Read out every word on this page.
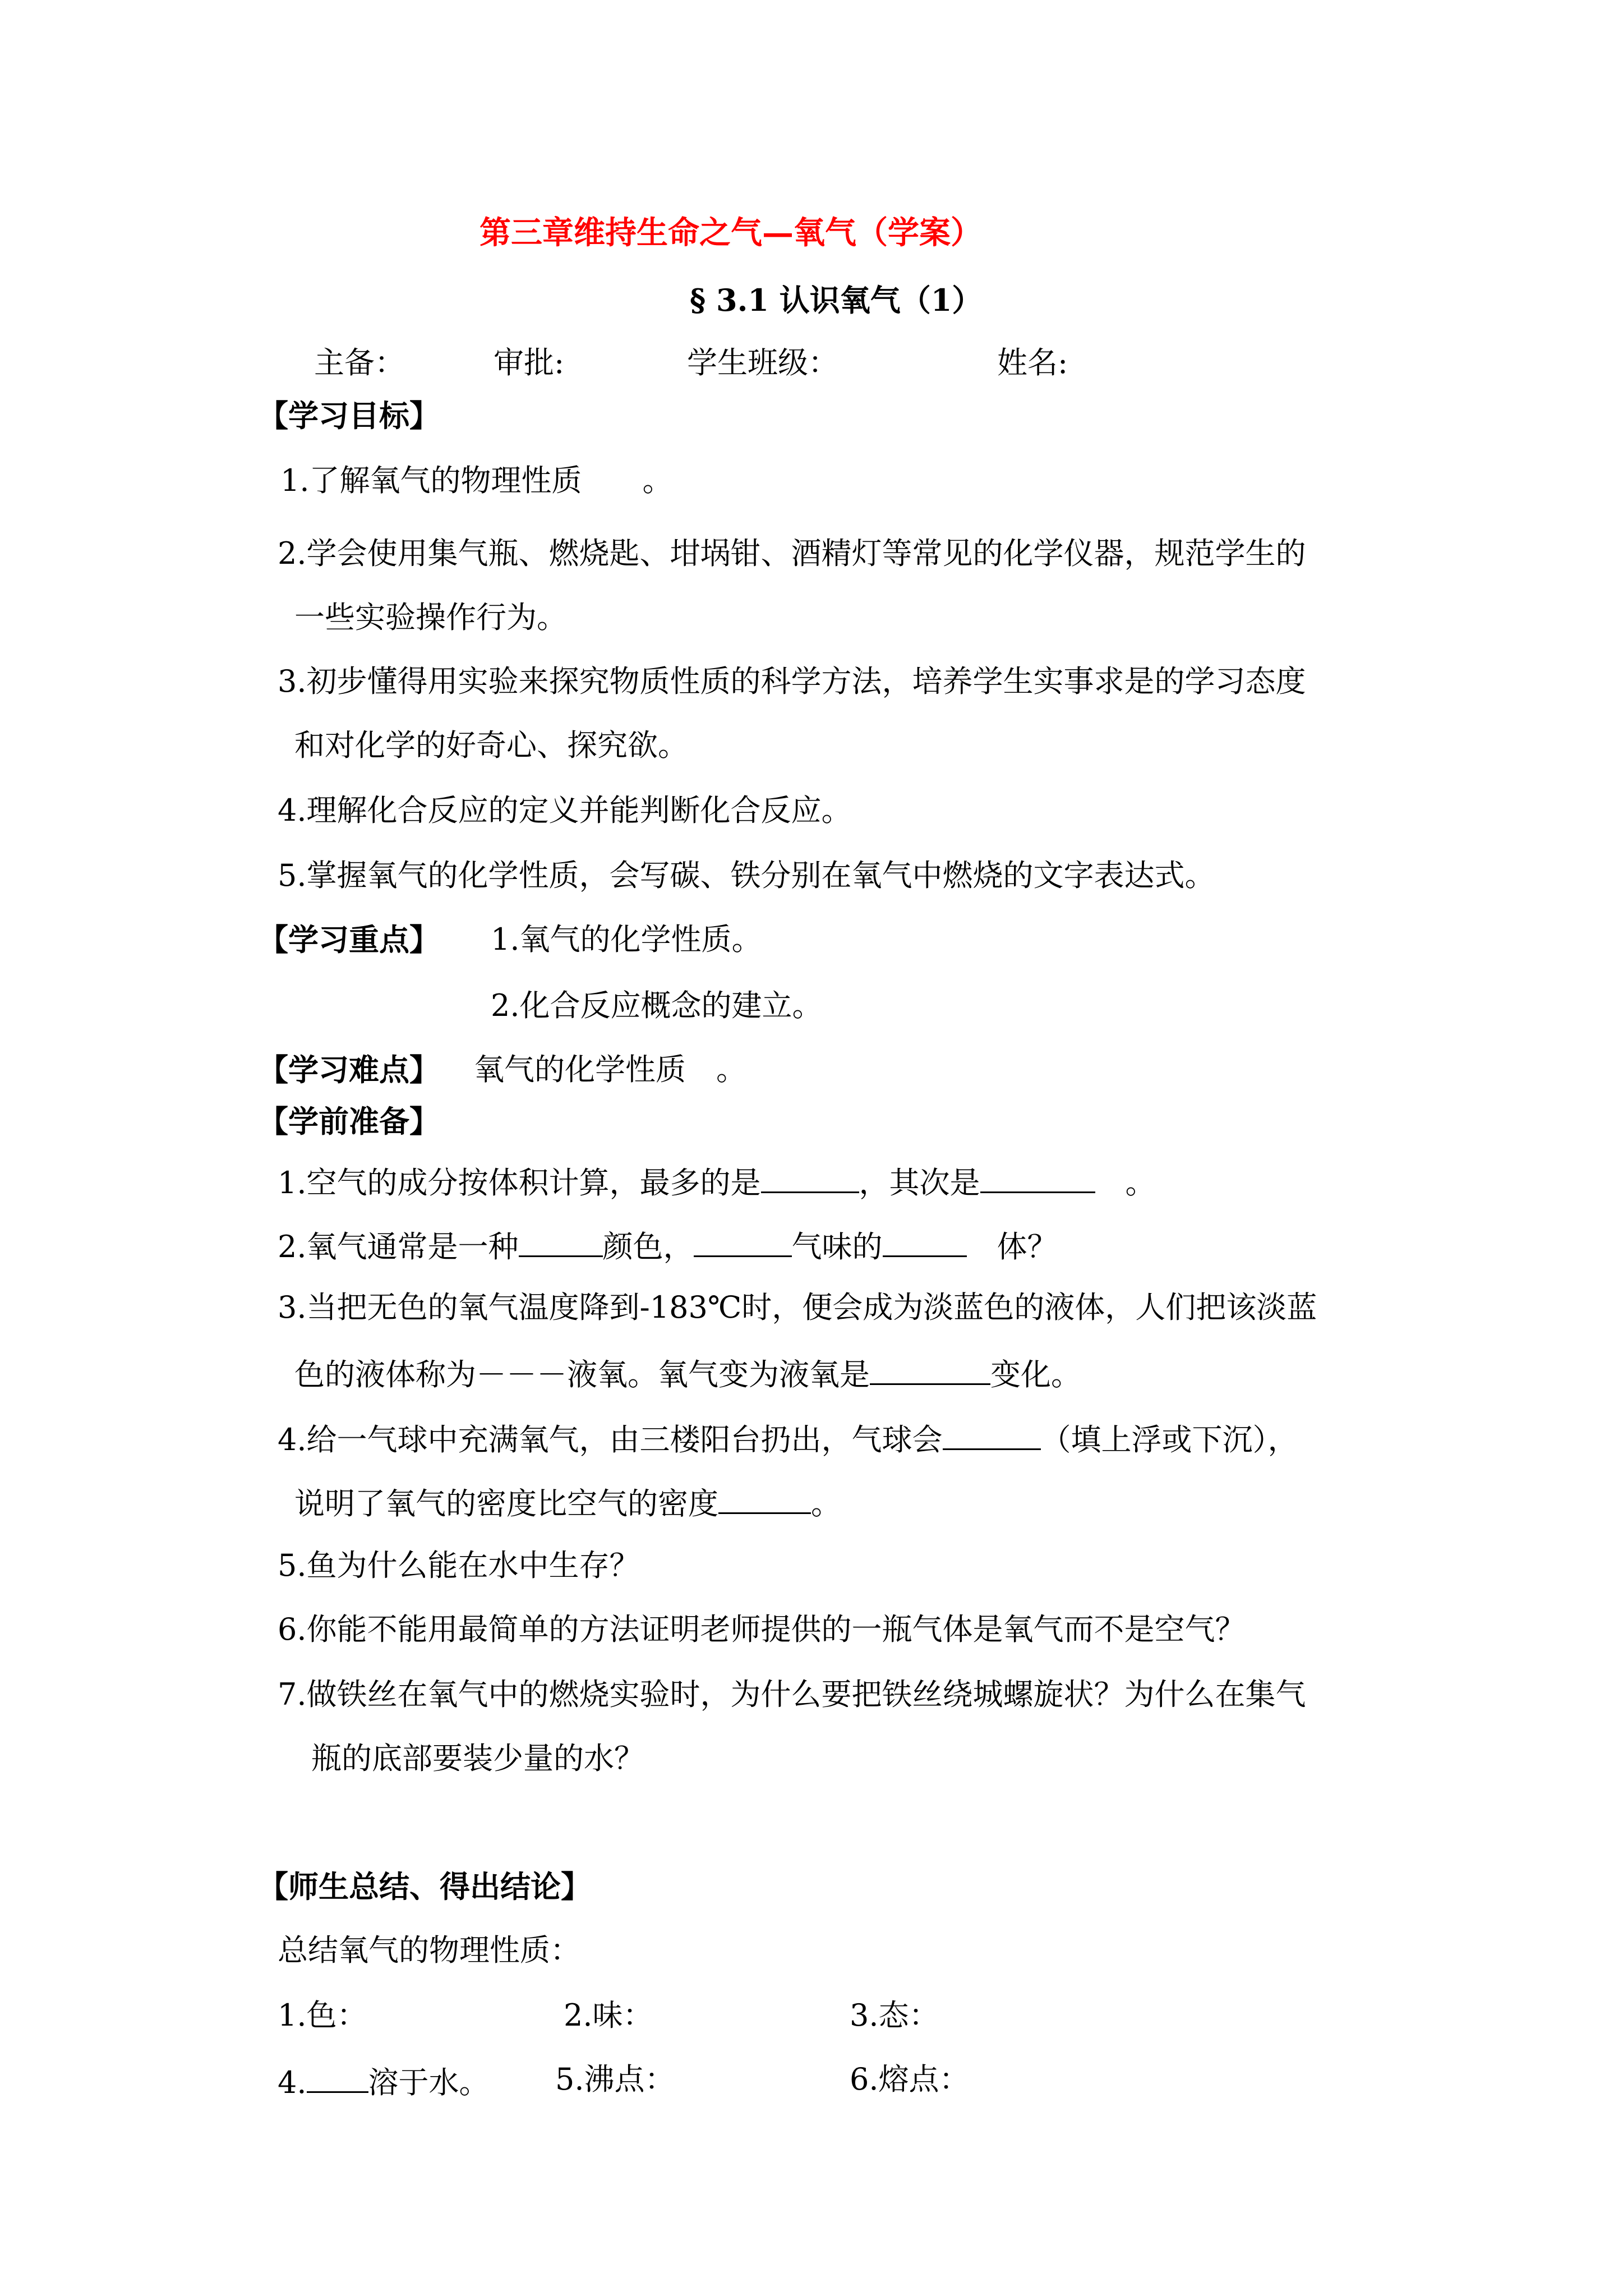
第三章维持生命之气—氧气（学案）
§ 3.1 认识氧气（1）
主备：	审批:	学生班级：	姓名:
【学习目标】
1.了解氧气的物理性质　　。
2.学会使用集气瓶、燃烧匙、坩埚钳、酒精灯等常见的化学仪器，规范学生的
一些实验操作行为。
3.初步懂得用实验来探究物质性质的科学方法，培养学生实事求是的学习态度
和对化学的好奇心、探究欲。
4.理解化合反应的定义并能判断化合反应。
5.掌握氧气的化学性质，会写碳、铁分别在氧气中燃烧的文字表达式。
【学习重点】 1.氧气的化学性质。
2.化合反应概念的建立。
【学习难点】 氧气的化学性质　。
【学前准备】
1.空气的成分按体积计算，最多的是	，其次是	　。
2.氧气通常是一种	颜色，	气味的	　体？
3.当把无色的氧气温度降到-183℃时，便会成为淡蓝色的液体，人们把该淡蓝
色的液体称为－－－液氧。氧气变为液氧是	变化。
4.给一气球中充满氧气，由三楼阳台扔出，气球会	（填上浮或下沉），
说明了氧气的密度比空气的密度	。
5.鱼为什么能在水中生存？
6.你能不能用最简单的方法证明老师提供的一瓶气体是氧气而不是空气？
7.做铁丝在氧气中的燃烧实验时，为什么要把铁丝绕城螺旋状？为什么在集气
瓶的底部要装少量的水？
【师生总结、得出结论】
总结氧气的物理性质：
1.色：	2.味：	3.态：
4. 溶于水。 5.沸点：	6.熔点：
